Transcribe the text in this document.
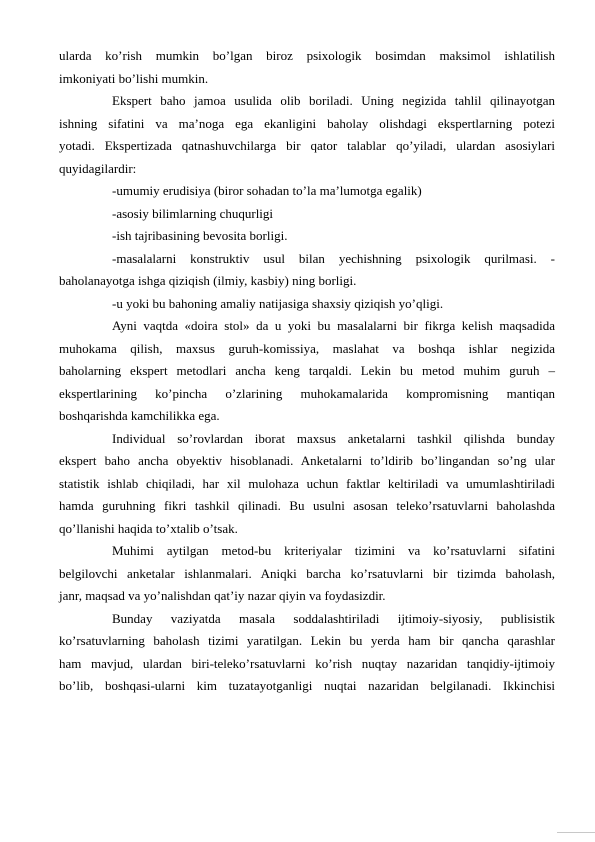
ularda ko’rish mumkin bo’lgan biroz psixologik bosimdan maksimol ishlatilish
imkoniyati bo’lishi mumkin.
Ekspert baho jamoa usulida olib boriladi. Uning negizida tahlil qilinayotgan
ishning sifatini va ma’noga ega ekanligini baholay olishdagi ekspertlarning potezi
yotadi. Ekspertizada qatnashuvchilarga bir qator talablar qo’yiladi, ulardan asosiylari
quyidagilardir:
-umumiy erudisiya (biror sohadan to’la ma’lumotga egalik)
-asosiy bilimlarning chuqurligi
-ish tajribasining bevosita borligi.
-masalalarni konstruktiv usul bilan yechishning psixologik qurilmasi. -
baholanayotga ishga qiziqish (ilmiy, kasbiy) ning borligi.
-u yoki bu bahoning amaliy natijasiga shaxsiy qiziqish yo’qligi.
Ayni vaqtda «doira stol» da u yoki bu masalalarni bir fikrga kelish maqsadida
muhokama qilish, maxsus guruh-komissiya, maslahat va boshqa ishlar negizida
baholarning ekspert metodlari ancha keng tarqaldi. Lekin bu metod muhim guruh –
ekspertlarining ko’pincha o’zlarining muhokamalarida kompromisning mantiqan
boshqarishda kamchilikka ega.
Individual so’rovlardan iborat maxsus anketalarni tashkil qilishda bunday
ekspert baho ancha obyektiv hisoblanadi. Anketalarni to’ldirib bo’lingandan so’ng ular
statistik ishlab chiqiladi, har xil mulohaza uchun faktlar keltiriladi va umumlashtiriladi
hamda guruhning fikri tashkil qilinadi. Bu usulni asosan teleko’rsatuvlarni baholashda
qo’llanishi haqida to’xtalib o’tsak.
Muhimi aytilgan metod-bu kriteriyalar tizimini va ko’rsatuvlarni sifatini
belgilovchi anketalar ishlanmalari. Aniqki barcha ko’rsatuvlarni bir tizimda baholash,
janr, maqsad va yo’nalishdan qat’iy nazar qiyin va foydasizdir.
Bunday vaziyatda masala soddalashtiriladi ijtimoiy-siyosiy, publisistik
ko’rsatuvlarning baholash tizimi yaratilgan. Lekin bu yerda ham bir qancha qarashlar
ham mavjud, ulardan biri-teleko’rsatuvlarni ko’rish nuqtay nazaridan tanqidiy-ijtimoiy
bo’lib, boshqasi-ularni kim tuzatayotganligi nuqtai nazaridan belgilanadi. Ikkinchisi
